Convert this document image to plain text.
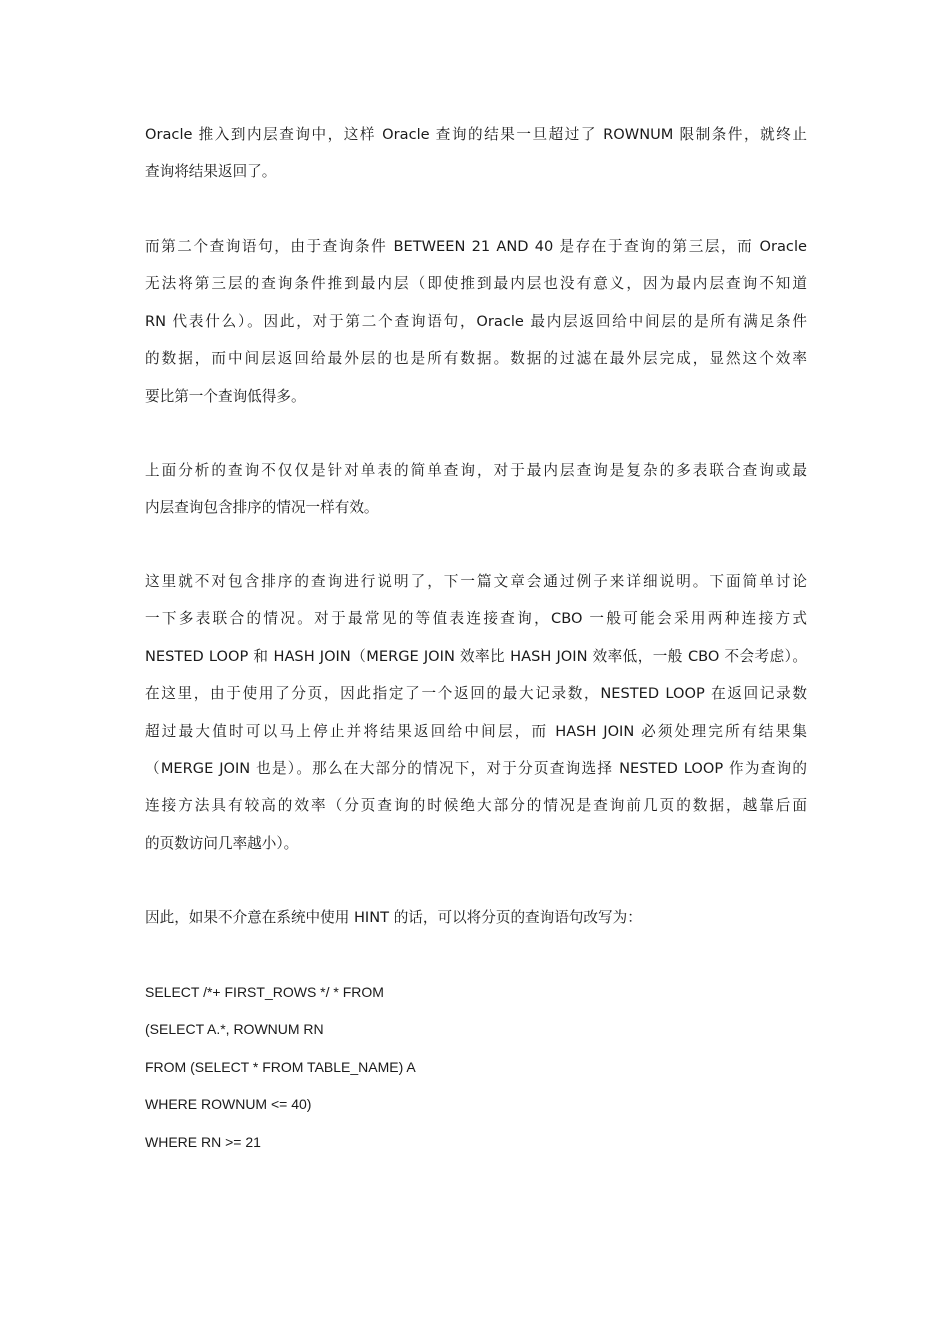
Oracle 推入到内层查询中，这样 Oracle 查询的结果一旦超过了 ROWNUM 限制条件，就终止
查询将结果返回了。
而第二个查询语句，由于查询条件 BETWEEN 21 AND 40 是存在于查询的第三层，而 Oracle
无法将第三层的查询条件推到最内层（即使推到最内层也没有意义，因为最内层查询不知道
RN 代表什么）。因此，对于第二个查询语句，Oracle 最内层返回给中间层的是所有满足条件
的数据，而中间层返回给最外层的也是所有数据。数据的过滤在最外层完成，显然这个效率
要比第一个查询低得多。
上面分析的查询不仅仅是针对单表的简单查询，对于最内层查询是复杂的多表联合查询或最
内层查询包含排序的情况一样有效。
这里就不对包含排序的查询进行说明了，下一篇文章会通过例子来详细说明。下面简单讨论
一下多表联合的情况。对于最常见的等值表连接查询，CBO 一般可能会采用两种连接方式
NESTED LOOP 和 HASH JOIN（MERGE JOIN 效率比 HASH JOIN 效率低，一般 CBO 不会考虑）。
在这里，由于使用了分页，因此指定了一个返回的最大记录数，NESTED LOOP 在返回记录数
超过最大值时可以马上停止并将结果返回给中间层，而 HASH JOIN 必须处理完所有结果集
（MERGE JOIN 也是）。那么在大部分的情况下，对于分页查询选择 NESTED LOOP 作为查询的
连接方法具有较高的效率（分页查询的时候绝大部分的情况是查询前几页的数据，越靠后面
的页数访问几率越小）。
因此，如果不介意在系统中使用 HINT 的话，可以将分页的查询语句改写为：
SELECT /*+ FIRST_ROWS */ * FROM
(SELECT A.*, ROWNUM RN
FROM (SELECT * FROM TABLE_NAME) A
WHERE ROWNUM <= 40)
WHERE RN >= 21
